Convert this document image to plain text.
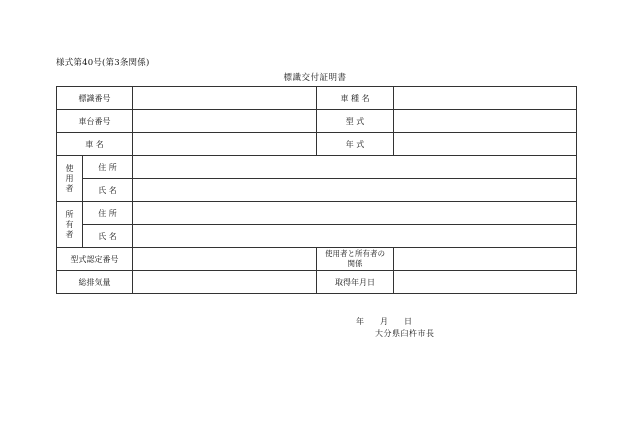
様式第40号(第3条関係)
標識交付証明書
標識番号			車 種 名	
車台番号			型 式	
車 名			年 式	

使用者	住 所			
	氏 名			

所有者	住 所			
	氏 名			
型式認定番号			使用者と所有者の
関係	

総排気量			取得年月日	
年 月 日
大分県臼杵市長
